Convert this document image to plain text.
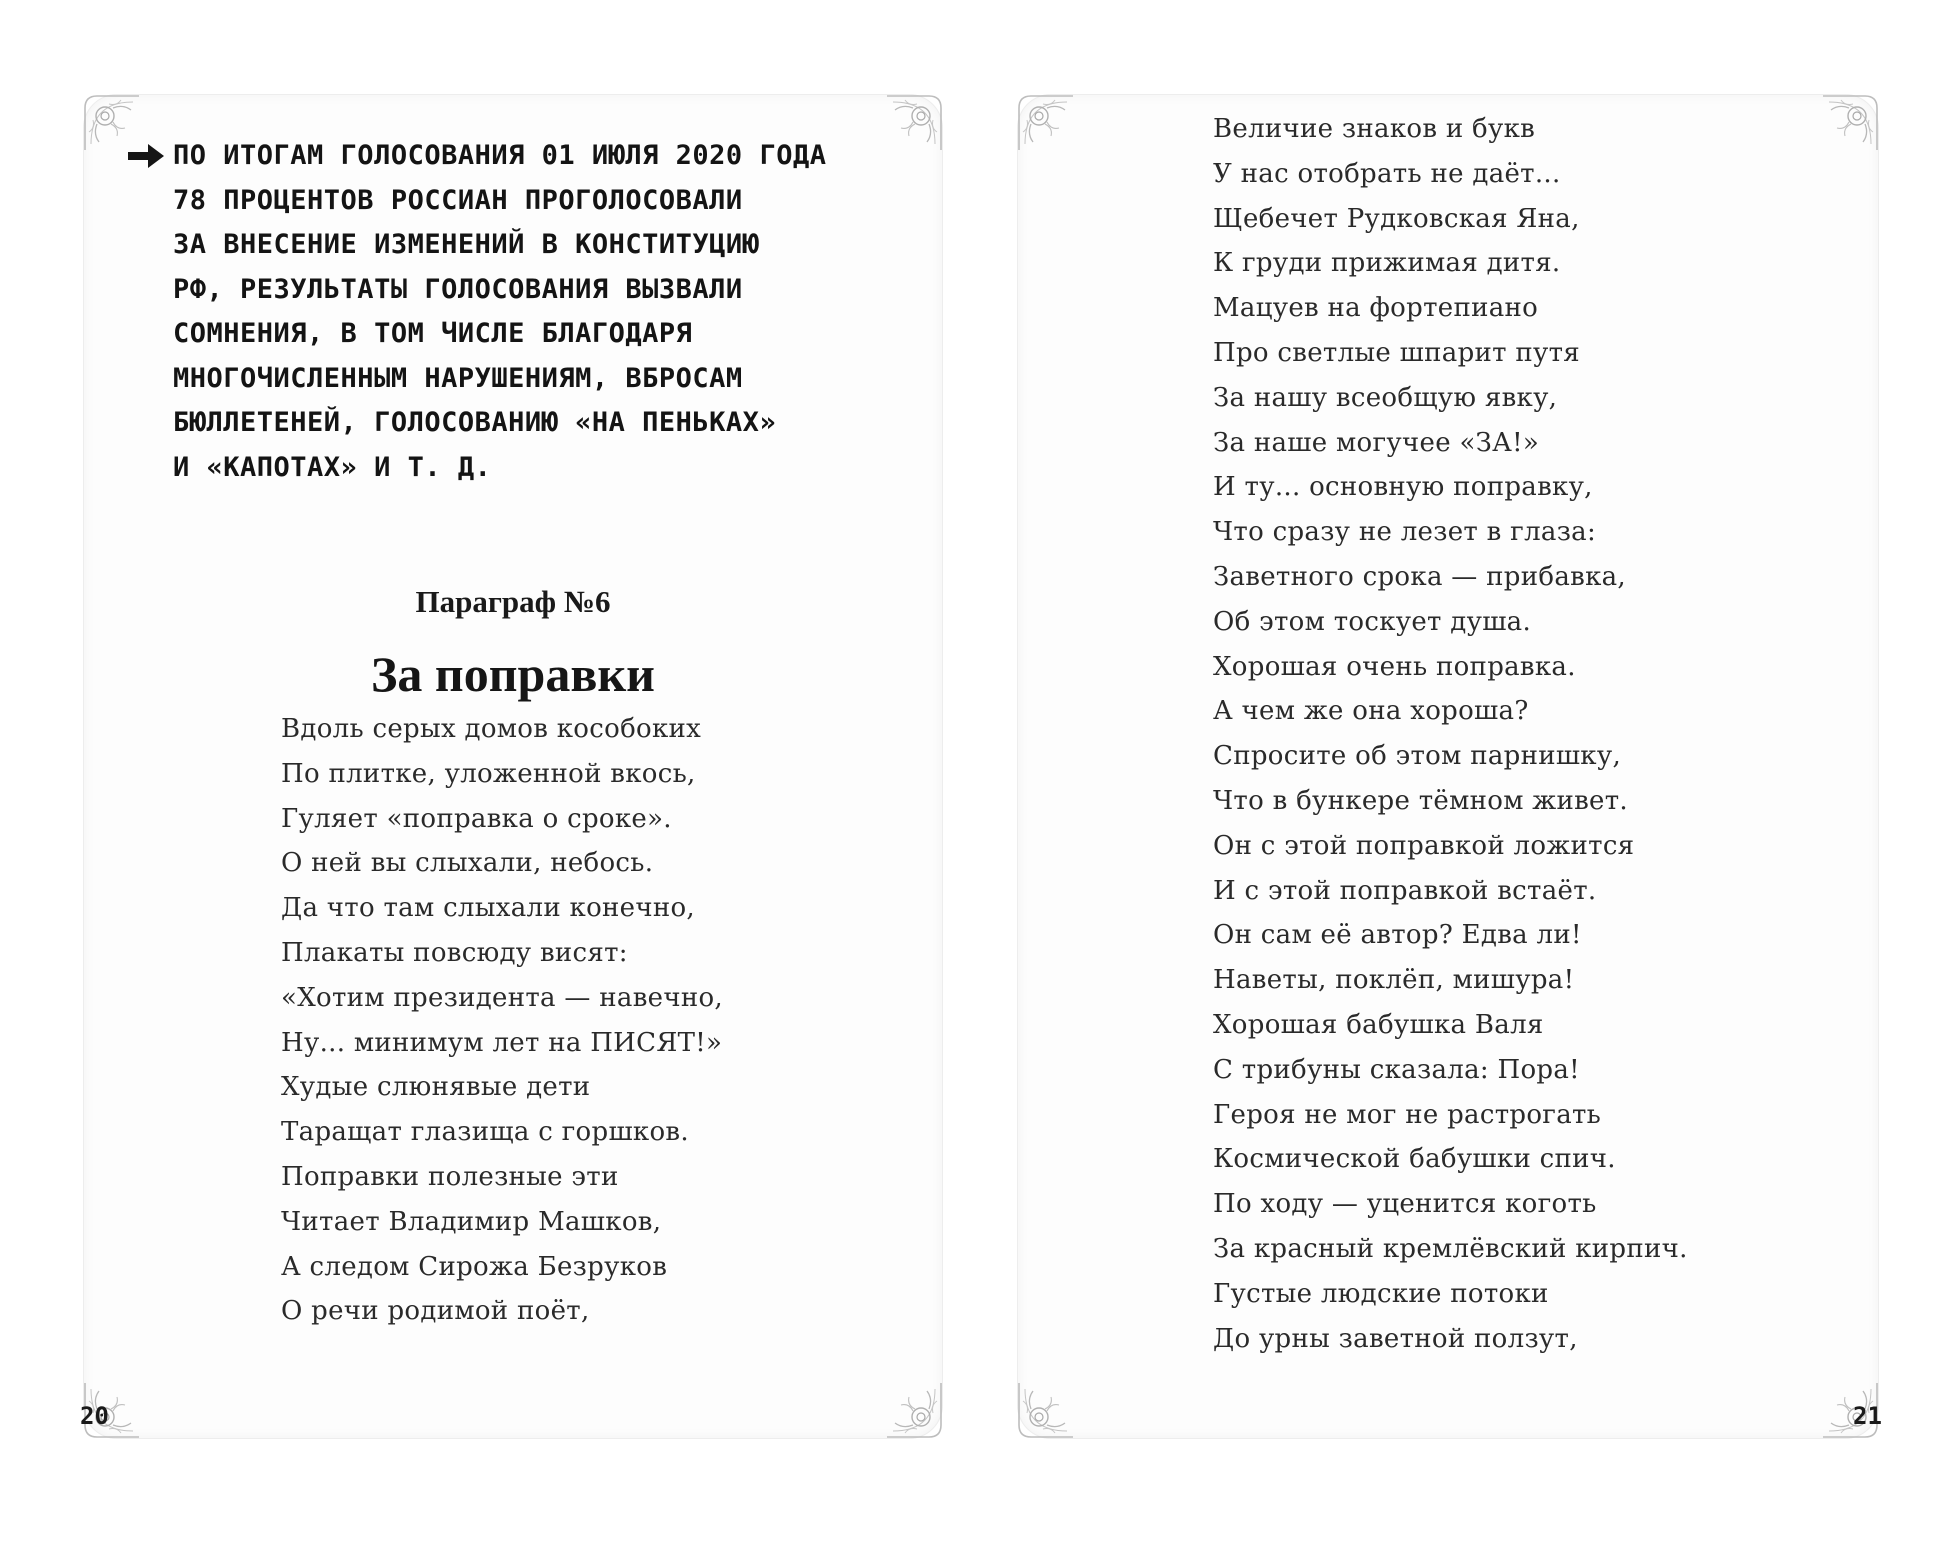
ПО ИТОГАМ ГОЛОСОВАНИЯ 01 ИЮЛЯ 2020 ГОДА
78 ПРОЦЕНТОВ РОССИАН ПРОГОЛОСОВАЛИ
ЗА ВНЕСЕНИЕ ИЗМЕНЕНИЙ В КОНСТИТУЦИЮ
РФ, РЕЗУЛЬТАТЫ ГОЛОСОВАНИЯ ВЫЗВАЛИ
СОМНЕНИЯ, В ТОМ ЧИСЛЕ БЛАГОДАРЯ
МНОГОЧИСЛЕННЫМ НАРУШЕНИЯМ, ВБРОСАМ
БЮЛЛЕТЕНЕЙ, ГОЛОСОВАНИЮ «НА ПЕНЬКАХ»
И «КАПОТАХ» И Т. Д.
Параграф №6
За поправки
Вдоль серых домов кособоких
По плитке, уложенной вкось,
Гуляет «поправка о сроке».
О ней вы слыхали, небось.
Да что там слыхали конечно,
Плакаты повсюду висят:
«Хотим президента — навечно,
Ну... минимум лет на ПИСЯТ!»
Худые слюнявые дети
Таращат глазища с горшков.
Поправки полезные эти
Читает Владимир Машков,
А следом Сирожа Безруков
О речи родимой поёт,
Величие знаков и букв
У нас отобрать не даёт...
Щебечет Рудковская Яна,
К груди прижимая дитя.
Мацуев на фортепиано
Про светлые шпарит путя
За нашу всеобщую явку,
За наше могучее «ЗА!»
И ту... основную поправку,
Что сразу не лезет в глаза:
Заветного срока — прибавка,
Об этом тоскует душа.
Хорошая очень поправка.
А чем же она хороша?
Спросите об этом парнишку,
Что в бункере тёмном живет.
Он с этой поправкой ложится
И с этой поправкой встаёт.
Он сам её автор? Едва ли!
Наветы, поклёп, мишура!
Хорошая бабушка Валя
С трибуны сказала: Пора!
Героя не мог не растрогать
Космической бабушки спич.
По ходу — уценится коготь
За красный кремлёвский кирпич.
Густые людские потоки
До урны заветной ползут,
20	21
